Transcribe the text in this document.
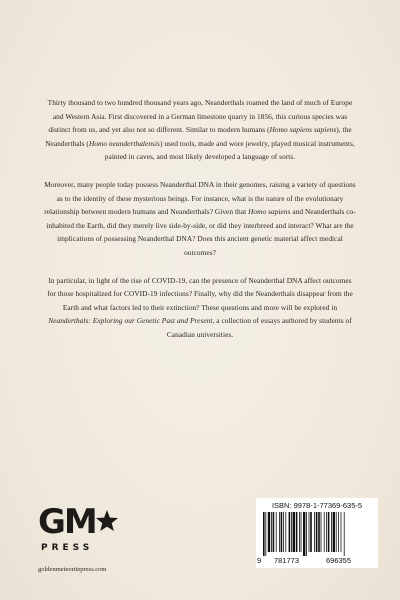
Thirty thousand to two hundred thousand years ago, Neanderthals roamed the land of much of Europe and Western Asia. First discovered in a German limestone quarry in 1856, this curious species was distinct from us, and yet also not so different. Similar to modern humans (Homo sapiens sapiens), the Neanderthals (Homo neanderthalensis) used tools, made and wore jewelry, played musical instruments, painted in caves, and most likely developed a language of sorts.

Moreover, many people today possess Neanderthal DNA in their genomes, raising a variety of questions as to the identity of these mysterious beings. For instance, what is the nature of the evolutionary relationship between modern humans and Neanderthals? Given that Homo sapiens and Neanderthals co-inhabited the Earth, did they merely live side-by-side, or did they interbreed and interact? What are the implications of possessing Neanderthal DNA? Does this ancient genetic material affect medical outcomes?

In particular, in light of the rise of COVID-19, can the presence of Neanderthal DNA affect outcomes for those hospitalized for COVID-19 infections? Finally, why did the Neanderthals disappear from the Earth and what factors led to their extinction? These questions and more will be explored in Neanderthals: Exploring our Genetic Past and Present, a collection of essays authored by students of Canadian universities.

GM
PRESS
goldenmeteoritepress.com
ISBN: 9978-1-77369-635-5
9 781773	696355
